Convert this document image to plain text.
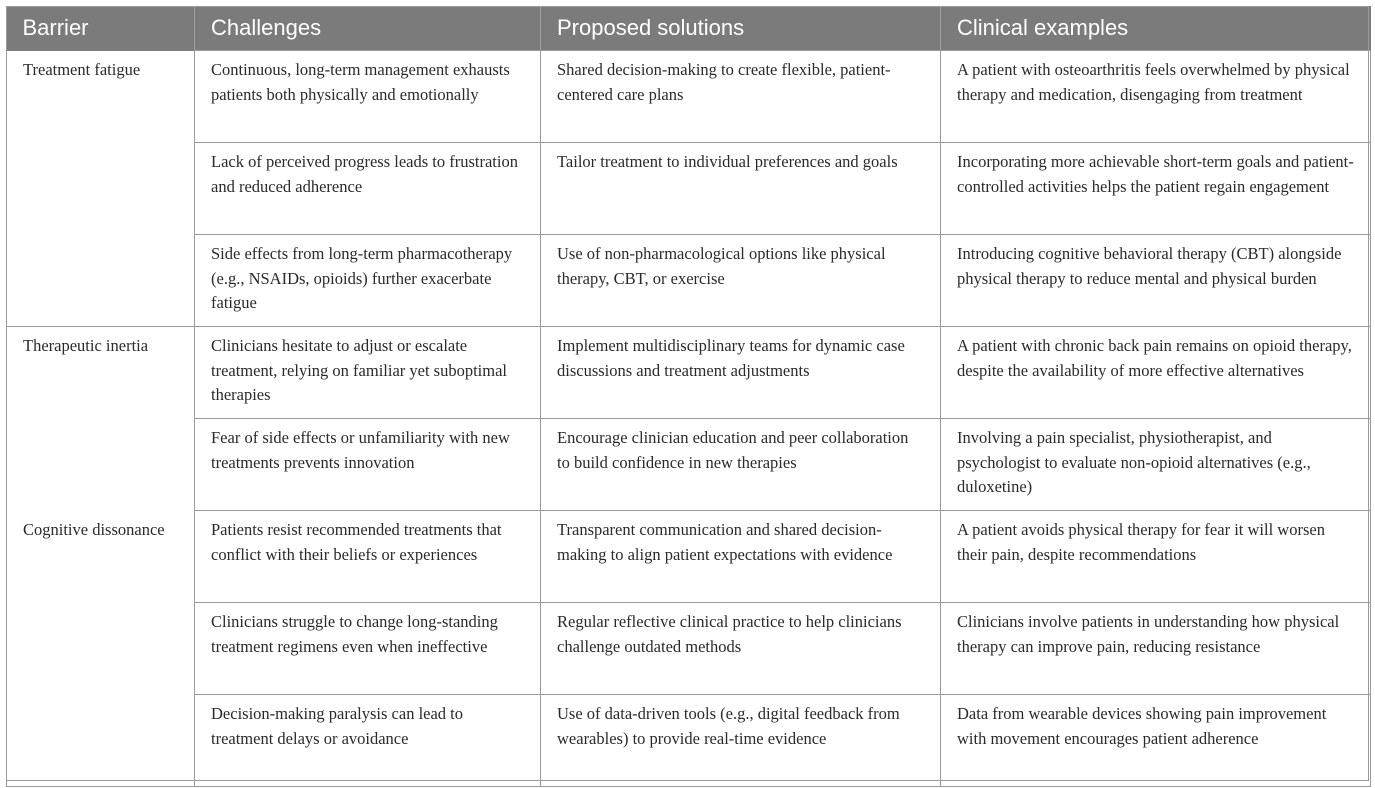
Barrier	Challenges	Proposed solutions	Clinical examples
Treatment fatigue	Continuous, long-term management exhausts patients both physically and emotionally	Shared decision-making to create flexible, patient-centered care plans	A patient with osteoarthritis feels overwhelmed by physical therapy and medication, disengaging from treatment
	Lack of perceived progress leads to frustration and reduced adherence	Tailor treatment to individual preferences and goals	Incorporating more achievable short-term goals and patient-controlled activities helps the patient regain engagement
	Side effects from long-term pharmacotherapy (e.g., NSAIDs, opioids) further exacerbate fatigue	Use of non-pharmacological options like physical therapy, CBT, or exercise	Introducing cognitive behavioral therapy (CBT) alongside physical therapy to reduce mental and physical burden
Therapeutic inertia	Clinicians hesitate to adjust or escalate treatment, relying on familiar yet suboptimal therapies	Implement multidisciplinary teams for dynamic case discussions and treatment adjustments	A patient with chronic back pain remains on opioid therapy, despite the availability of more effective alternatives
	Fear of side effects or unfamiliarity with new treatments prevents innovation	Encourage clinician education and peer collaboration to build confidence in new therapies	Involving a pain specialist, physiotherapist, and psychologist to evaluate non-opioid alternatives (e.g., duloxetine)
Cognitive dissonance	Patients resist recommended treatments that conflict with their beliefs or experiences	Transparent communication and shared decision-making to align patient expectations with evidence	A patient avoids physical therapy for fear it will worsen their pain, despite recommendations
	Clinicians struggle to change long-standing treatment regimens even when ineffective	Regular reflective clinical practice to help clinicians challenge outdated methods	Clinicians involve patients in understanding how physical therapy can improve pain, reducing resistance
	Decision-making paralysis can lead to treatment delays or avoidance	Use of data-driven tools (e.g., digital feedback from wearables) to provide real-time evidence	Data from wearable devices showing pain improvement with movement encourages patient adherence
